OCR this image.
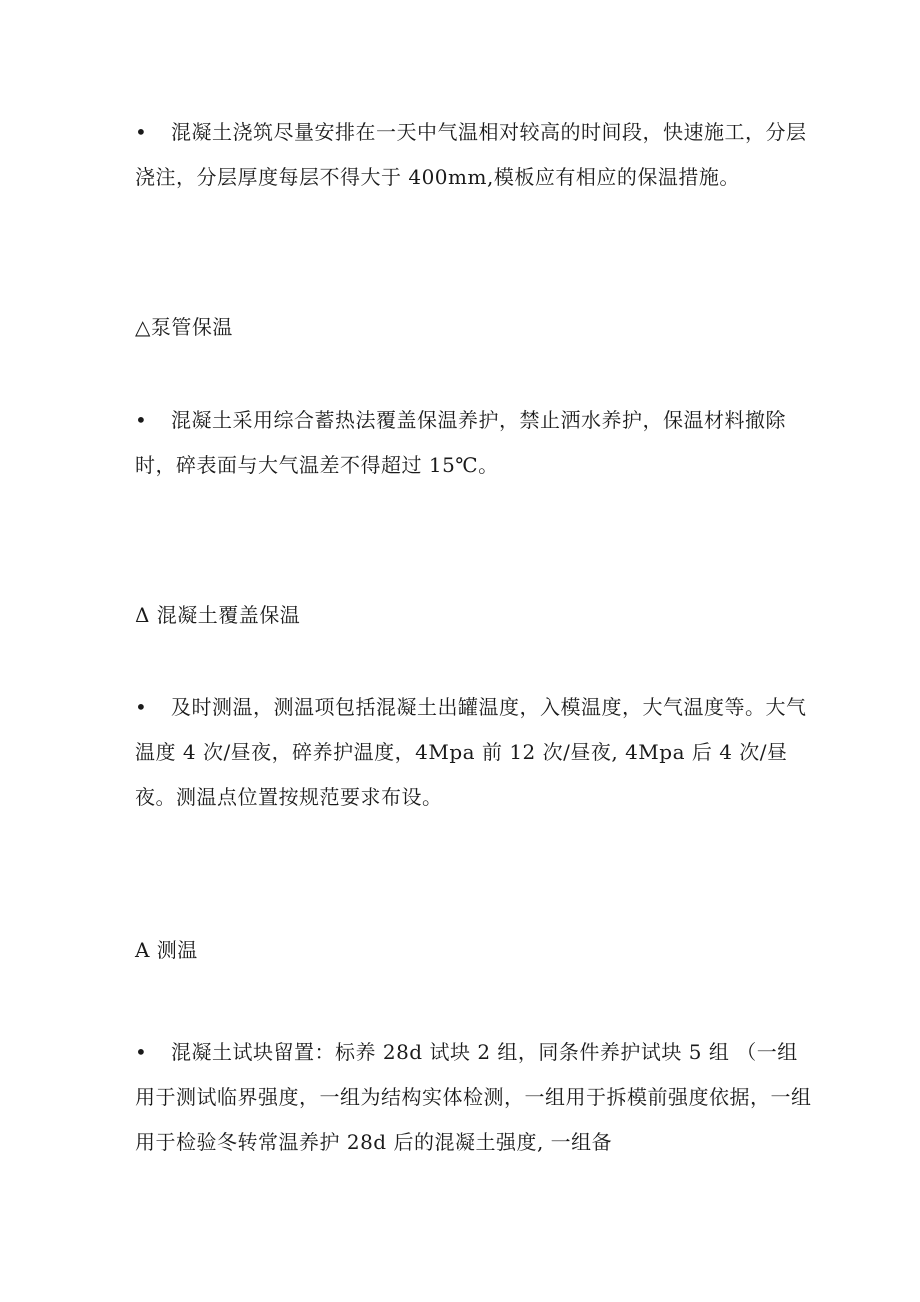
• 混凝土浇筑尽量安排在一天中气温相对较高的时间段，快速施工，分层浇注，分层厚度每层不得大于 400mm,模板应有相应的保温措施。
△泵管保温
• 混凝土采用综合蓄热法覆盖保温养护，禁止洒水养护，保温材料撤除时，碎表面与大气温差不得超过 15℃。
Δ 混凝土覆盖保温
• 及时测温，测温项包括混凝土出罐温度，入模温度，大气温度等。大气温度 4 次/昼夜，碎养护温度，4Mpa 前 12 次/昼夜, 4Mpa 后 4 次/昼夜。测温点位置按规范要求布设。
A 测温
• 混凝土试块留置：标养 28d 试块 2 组，同条件养护试块 5 组 （一组用于测试临界强度，一组为结构实体检测，一组用于拆模前强度依据，一组用于检验冬转常温养护 28d 后的混凝土强度, 一组备
